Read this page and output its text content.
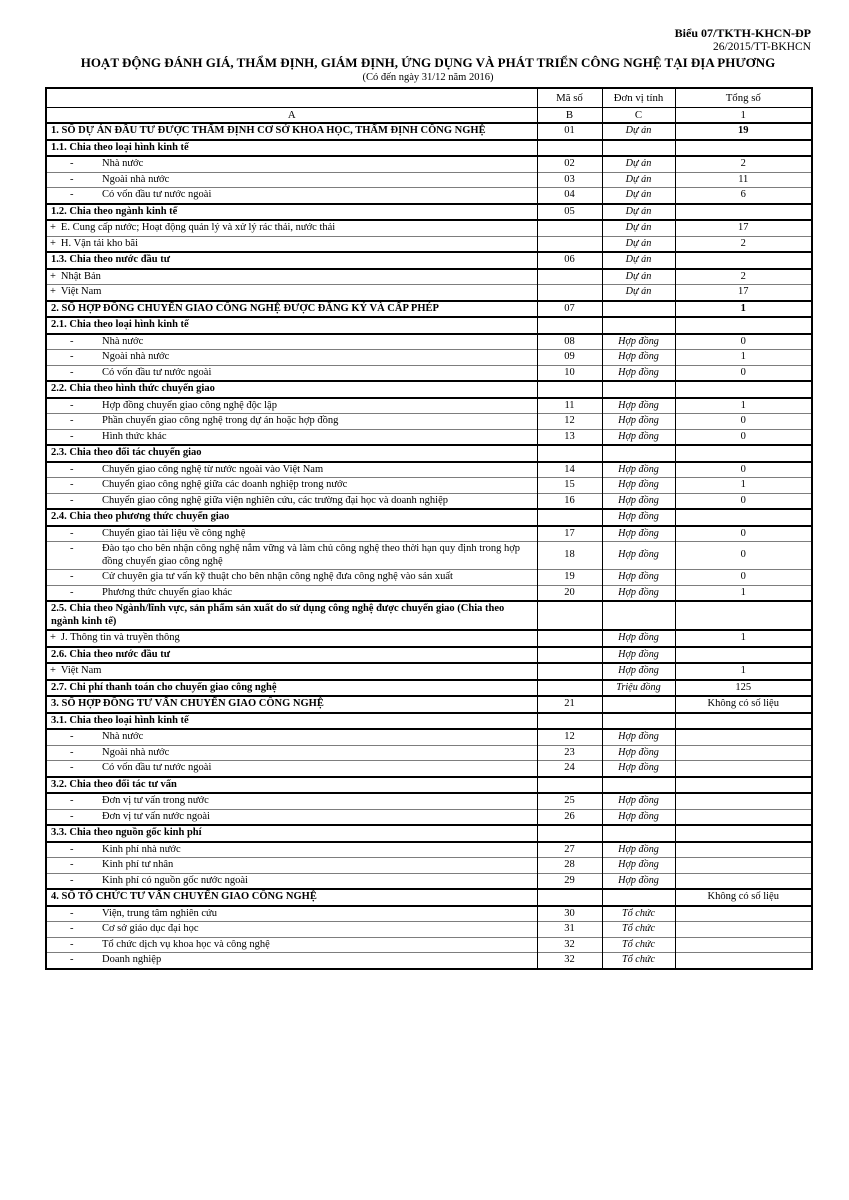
Biểu 07/TKTH-KHCN-ĐP
26/2015/TT-BKHCN
HOẠT ĐỘNG ĐÁNH GIÁ, THẨM ĐỊNH, GIÁM ĐỊNH, ỨNG DỤNG VÀ PHÁT TRIỂN CÔNG NGHỆ TẠI ĐỊA PHƯƠNG
(Có đến ngày 31/12 năm 2016)
	Mã số	Đơn vị tính	Tổng số
A	B	C	1

1. SỐ DỰ ÁN ĐẦU TƯ ĐƯỢC THẨM ĐỊNH CƠ SỞ KHOA HỌC, THẨM ĐỊNH CÔNG NGHỆ	01	Dự án	19

1.1. Chia theo loại hình kinh tế			

- Nhà nước	02	Dự án	2

- Ngoài nhà nước	03	Dự án	11

- Có vốn đầu tư nước ngoài	04	Dự án	6

1.2. Chia theo ngành kinh tế	05	Dự án	

+ E. Cung cấp nước; Hoạt động quản lý và xử lý rác thải, nước thải		Dự án	17

+ H. Vận tải kho bãi		Dự án	2

1.3. Chia theo nước đầu tư	06	Dự án	

+ Nhật Bản		Dự án	2

+ Việt Nam		Dự án	17

2. SỐ HỢP ĐỒNG CHUYỂN GIAO CÔNG NGHỆ ĐƯỢC ĐĂNG KÝ VÀ CẤP PHÉP	07		1

2.1. Chia theo loại hình kinh tế			

- Nhà nước	08	Hợp đồng	0

- Ngoài nhà nước	09	Hợp đồng	1

- Có vốn đầu tư nước ngoài	10	Hợp đồng	0

2.2. Chia theo hình thức chuyển giao			

- Hợp đồng chuyển giao công nghệ độc lập	11	Hợp đồng	1

- Phần chuyển giao công nghệ trong dự án hoặc hợp đồng	12	Hợp đồng	0

- Hình thức khác	13	Hợp đồng	0

2.3. Chia theo đối tác chuyển giao			

- Chuyển giao công nghệ từ nước ngoài vào Việt Nam	14	Hợp đồng	0

- Chuyển giao công nghệ giữa các doanh nghiệp trong nước	15	Hợp đồng	1

- Chuyển giao công nghệ giữa viện nghiên cứu, các trường đại học và doanh nghiệp	16	Hợp đồng	0

2.4. Chia theo phương thức chuyển giao		Hợp đồng	

- Chuyển giao tài liệu về công nghệ	17	Hợp đồng	0

- Đào tạo cho bên nhận công nghệ nắm vững và làm chủ công nghệ theo thời hạn quy định trong hợp đồng chuyển giao công nghệ	18	Hợp đồng	0

- Cử chuyên gia tư vấn kỹ thuật cho bên nhận công nghệ đưa công nghệ vào sản xuất	19	Hợp đồng	0

- Phương thức chuyển giao khác	20	Hợp đồng	1

2.5. Chia theo Ngành/lĩnh vực, sản phẩm sản xuất do sử dụng công nghệ được chuyển giao (Chia theo ngành kinh tế)			

+ J. Thông tin và truyền thông		Hợp đồng	1

2.6. Chia theo nước đầu tư		Hợp đồng	

+ Việt Nam		Hợp đồng	1

2.7. Chi phí thanh toán cho chuyển giao công nghệ		Triệu đồng	125

3. SỐ HỢP ĐỒNG TƯ VẤN CHUYỂN GIAO CÔNG NGHỆ	21		Không có số liệu

3.1. Chia theo loại hình kinh tế			

- Nhà nước	12	Hợp đồng	

- Ngoài nhà nước	23	Hợp đồng	

- Có vốn đầu tư nước ngoài	24	Hợp đồng	

3.2. Chia theo đối tác tư vấn			

- Đơn vị tư vấn trong nước	25	Hợp đồng	

- Đơn vị tư vấn nước ngoài	26	Hợp đồng	

3.3. Chia theo nguồn gốc kinh phí			

- Kinh phí nhà nước	27	Hợp đồng	

- Kinh phí tư nhân	28	Hợp đồng	

- Kinh phí có nguồn gốc nước ngoài	29	Hợp đồng	

4. SỐ TỔ CHỨC TƯ VẤN CHUYỂN GIAO CÔNG NGHỆ			Không có số liệu

- Viện, trung tâm nghiên cứu	30	Tổ chức	

- Cơ sở giáo dục đại học	31	Tổ chức	

- Tổ chức dịch vụ khoa học và công nghệ	32	Tổ chức	

- Doanh nghiệp	32	Tổ chức	
